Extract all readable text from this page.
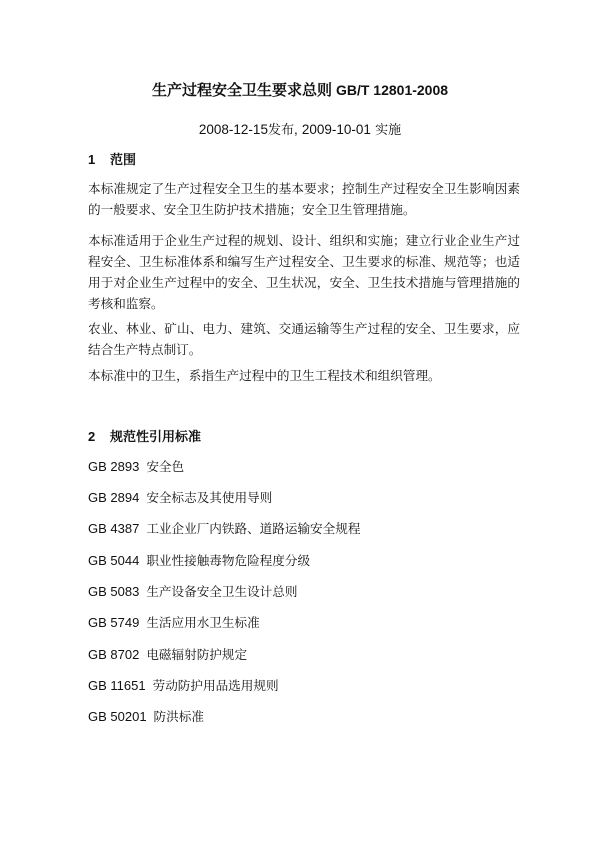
生产过程安全卫生要求总则 GB/T 12801-2008
2008-12-15发布, 2009-10-01 实施
1 范围
本标准规定了生产过程安全卫生的基本要求；控制生产过程安全卫生影响因素的一般要求、安全卫生防护技术措施；安全卫生管理措施。
本标准适用于企业生产过程的规划、设计、组织和实施；建立行业企业生产过程安全、卫生标准体系和编写生产过程安全、卫生要求的标准、规范等；也适用于对企业生产过程中的安全、卫生状况，安全、卫生技术措施与管理措施的考核和监察。
农业、林业、矿山、电力、建筑、交通运输等生产过程的安全、卫生要求，应结合生产特点制订。
本标准中的卫生，系指生产过程中的卫生工程技术和组织管理。
2 规范性引用标准
GB 2893 安全色
GB 2894 安全标志及其使用导则
GB 4387 工业企业厂内铁路、道路运输安全规程
GB 5044 职业性接触毒物危险程度分级
GB 5083 生产设备安全卫生设计总则
GB 5749 生活应用水卫生标准
GB 8702 电磁辐射防护规定
GB 11651 劳动防护用品选用规则
GB 50201 防洪标准
